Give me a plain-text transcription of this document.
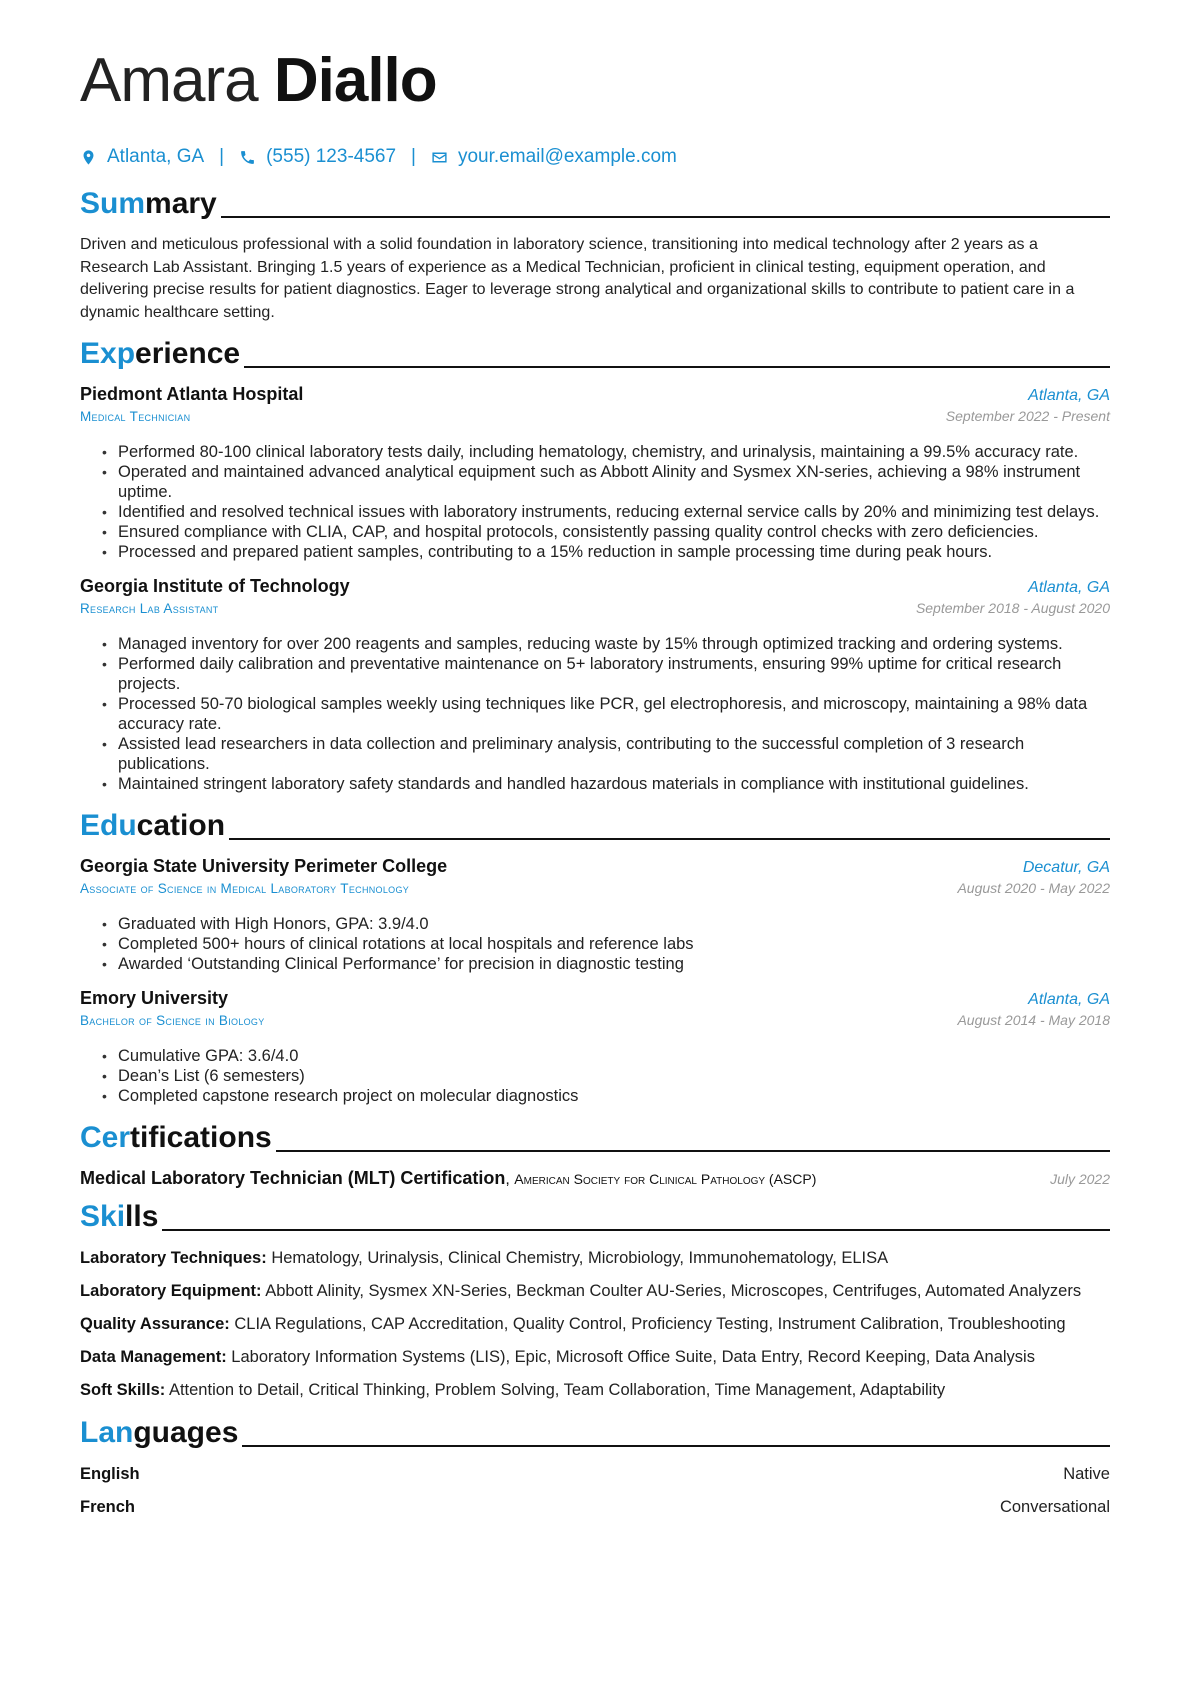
Amara Diallo
Atlanta, GA | (555) 123-4567 | your.email@example.com
Summary

Driven and meticulous professional with a solid foundation in laboratory science, transitioning into medical technology after 2 years as a Research Lab Assistant. Bringing 1.5 years of experience as a Medical Technician, proficient in clinical testing, equipment operation, and delivering precise results for patient diagnostics. Eager to leverage strong analytical and organizational skills to contribute to patient care in a dynamic healthcare setting.

Experience
Piedmont Atlanta Hospital	Atlanta, GA
Medical Technician	September 2022 - Present
• Performed 80-100 clinical laboratory tests daily, including hematology, chemistry, and urinalysis, maintaining a 99.5% accuracy rate.
• Operated and maintained advanced analytical equipment such as Abbott Alinity and Sysmex XN-series, achieving a 98% instrument uptime.
• Identified and resolved technical issues with laboratory instruments, reducing external service calls by 20% and minimizing test delays.
• Ensured compliance with CLIA, CAP, and hospital protocols, consistently passing quality control checks with zero deficiencies.
• Processed and prepared patient samples, contributing to a 15% reduction in sample processing time during peak hours.
Georgia Institute of Technology	Atlanta, GA
Research Lab Assistant	September 2018 - August 2020
• Managed inventory for over 200 reagents and samples, reducing waste by 15% through optimized tracking and ordering systems.
• Performed daily calibration and preventative maintenance on 5+ laboratory instruments, ensuring 99% uptime for critical research projects.
• Processed 50-70 biological samples weekly using techniques like PCR, gel electrophoresis, and microscopy, maintaining a 98% data accuracy rate.
• Assisted lead researchers in data collection and preliminary analysis, contributing to the successful completion of 3 research publications.
• Maintained stringent laboratory safety standards and handled hazardous materials in compliance with institutional guidelines.
Education
Georgia State University Perimeter College	Decatur, GA
Associate of Science in Medical Laboratory Technology	August 2020 - May 2022
• Graduated with High Honors, GPA: 3.9/4.0
• Completed 500+ hours of clinical rotations at local hospitals and reference labs
• Awarded ‘Outstanding Clinical Performance’ for precision in diagnostic testing
Emory University	Atlanta, GA
Bachelor of Science in Biology	August 2014 - May 2018
• Cumulative GPA: 3.6/4.0
• Dean’s List (6 semesters)
• Completed capstone research project on molecular diagnostics
Certifications
Medical Laboratory Technician (MLT) Certification, American Society for Clinical Pathology (ASCP)	July 2022
Skills
Laboratory Techniques: Hematology, Urinalysis, Clinical Chemistry, Microbiology, Immunohematology, ELISA
Laboratory Equipment: Abbott Alinity, Sysmex XN-Series, Beckman Coulter AU-Series, Microscopes, Centrifuges, Automated Analyzers
Quality Assurance: CLIA Regulations, CAP Accreditation, Quality Control, Proficiency Testing, Instrument Calibration, Troubleshooting
Data Management: Laboratory Information Systems (LIS), Epic, Microsoft Office Suite, Data Entry, Record Keeping, Data Analysis
Soft Skills: Attention to Detail, Critical Thinking, Problem Solving, Team Collaboration, Time Management, Adaptability
Languages
English	Native
French	Conversational
